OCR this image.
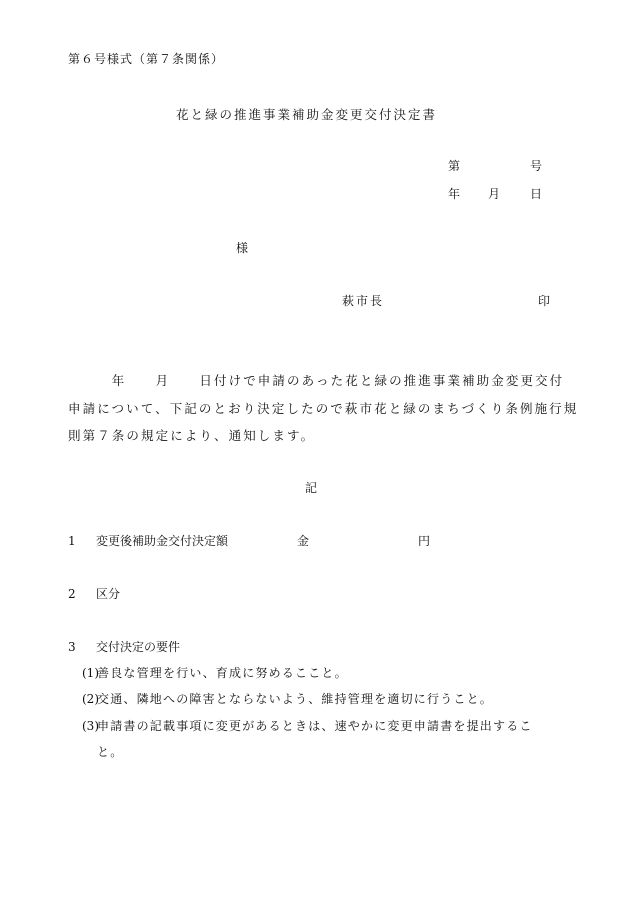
第６号様式（第７条関係）
花と緑の推進事業補助金変更交付決定書
第	号
年 月 日
様
萩市長	印
　　　年　　月　　日付けで申請のあった花と緑の推進事業補助金変更交付
申請について、下記のとおり決定したので萩市花と緑のまちづくり条例施行規
則第７条の規定により、通知します。
記
1 変更後補助金交付決定額	金	円
2 区分
3 交付決定の要件
(1)善良な管理を行い、育成に努めるここと。
(2)交通、隣地への障害とならないよう、維持管理を適切に行うこと。
(3)申請書の記載事項に変更があるときは、速やかに変更申請書を提出するこ
と。
